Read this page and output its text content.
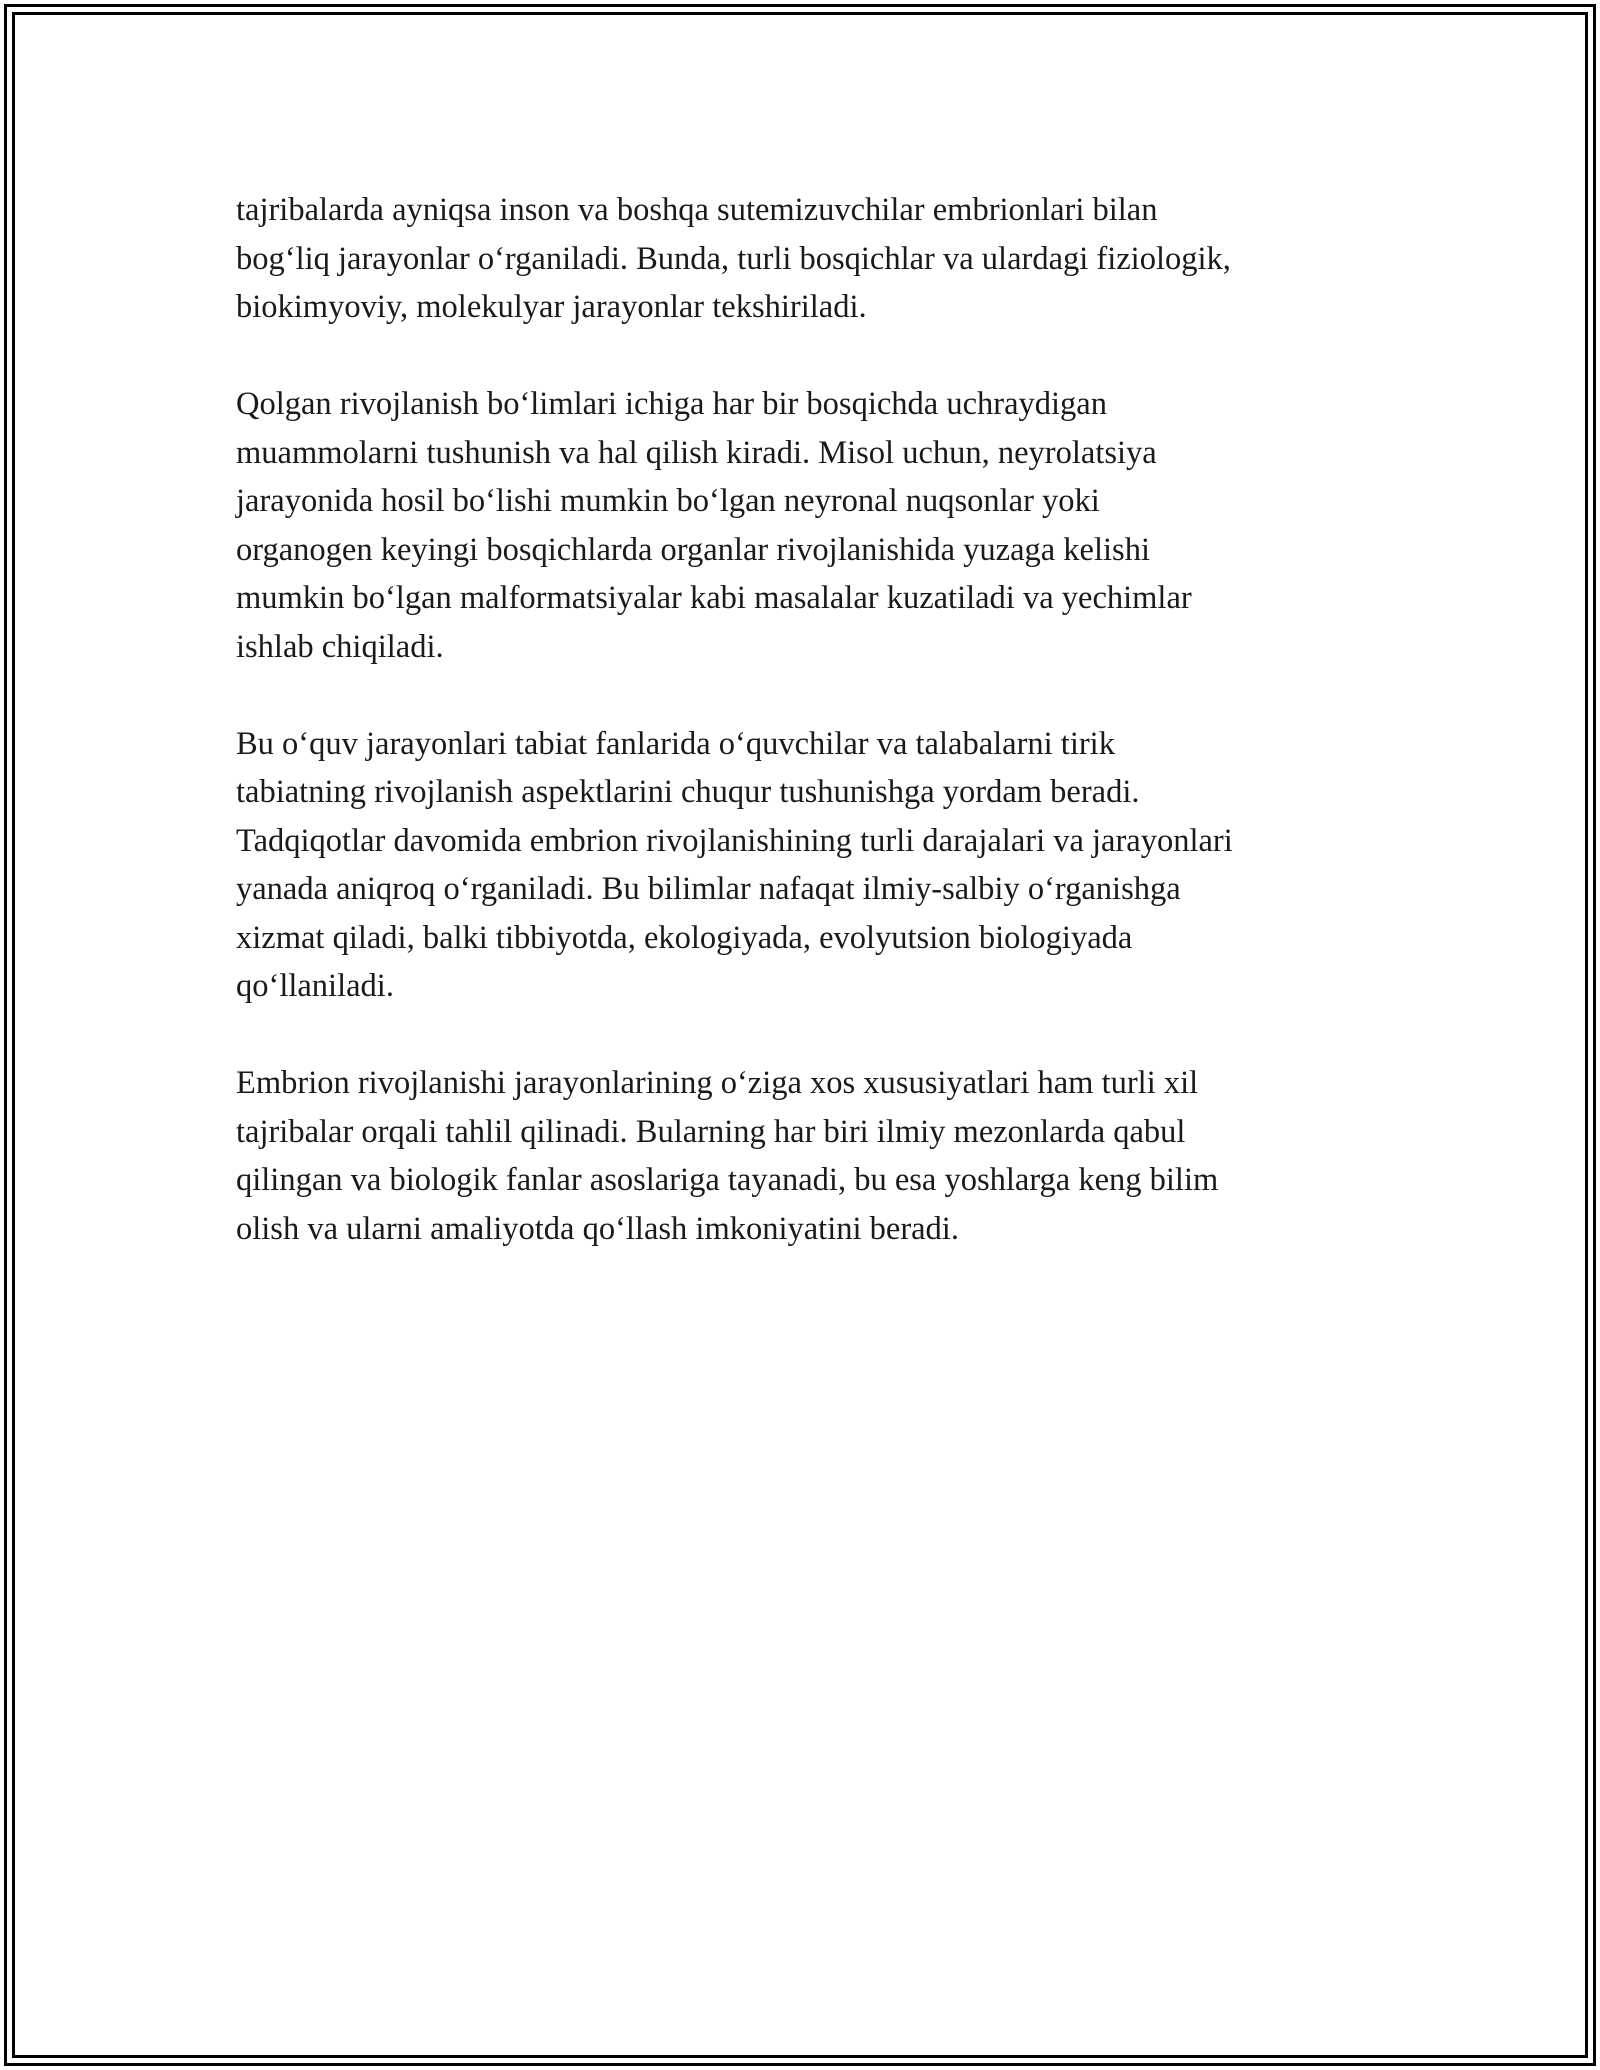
tajribalarda ayniqsa inson va boshqa sutemizuvchilar embrionlari bilan
bog‘liq jarayonlar o‘rganiladi. Bunda, turli bosqichlar va ulardagi fiziologik,
biokimyoviy, molekulyar jarayonlar tekshiriladi.
Qolgan rivojlanish bo‘limlari ichiga har bir bosqichda uchraydigan
muammolarni tushunish va hal qilish kiradi. Misol uchun, neyrolatsiya
jarayonida hosil bo‘lishi mumkin bo‘lgan neyronal nuqsonlar yoki
organogen keyingi bosqichlarda organlar rivojlanishida yuzaga kelishi
mumkin bo‘lgan malformatsiyalar kabi masalalar kuzatiladi va yechimlar
ishlab chiqiladi.
Bu o‘quv jarayonlari tabiat fanlarida o‘quvchilar va talabalarni tirik
tabiatning rivojlanish aspektlarini chuqur tushunishga yordam beradi.
Tadqiqotlar davomida embrion rivojlanishining turli darajalari va jarayonlari
yanada aniqroq o‘rganiladi. Bu bilimlar nafaqat ilmiy-salbiy o‘rganishga
xizmat qiladi, balki tibbiyotda, ekologiyada, evolyutsion biologiyada
qo‘llaniladi.
Embrion rivojlanishi jarayonlarining o‘ziga xos xususiyatlari ham turli xil
tajribalar orqali tahlil qilinadi. Bularning har biri ilmiy mezonlarda qabul
qilingan va biologik fanlar asoslariga tayanadi, bu esa yoshlarga keng bilim
olish va ularni amaliyotda qo‘llash imkoniyatini beradi.
